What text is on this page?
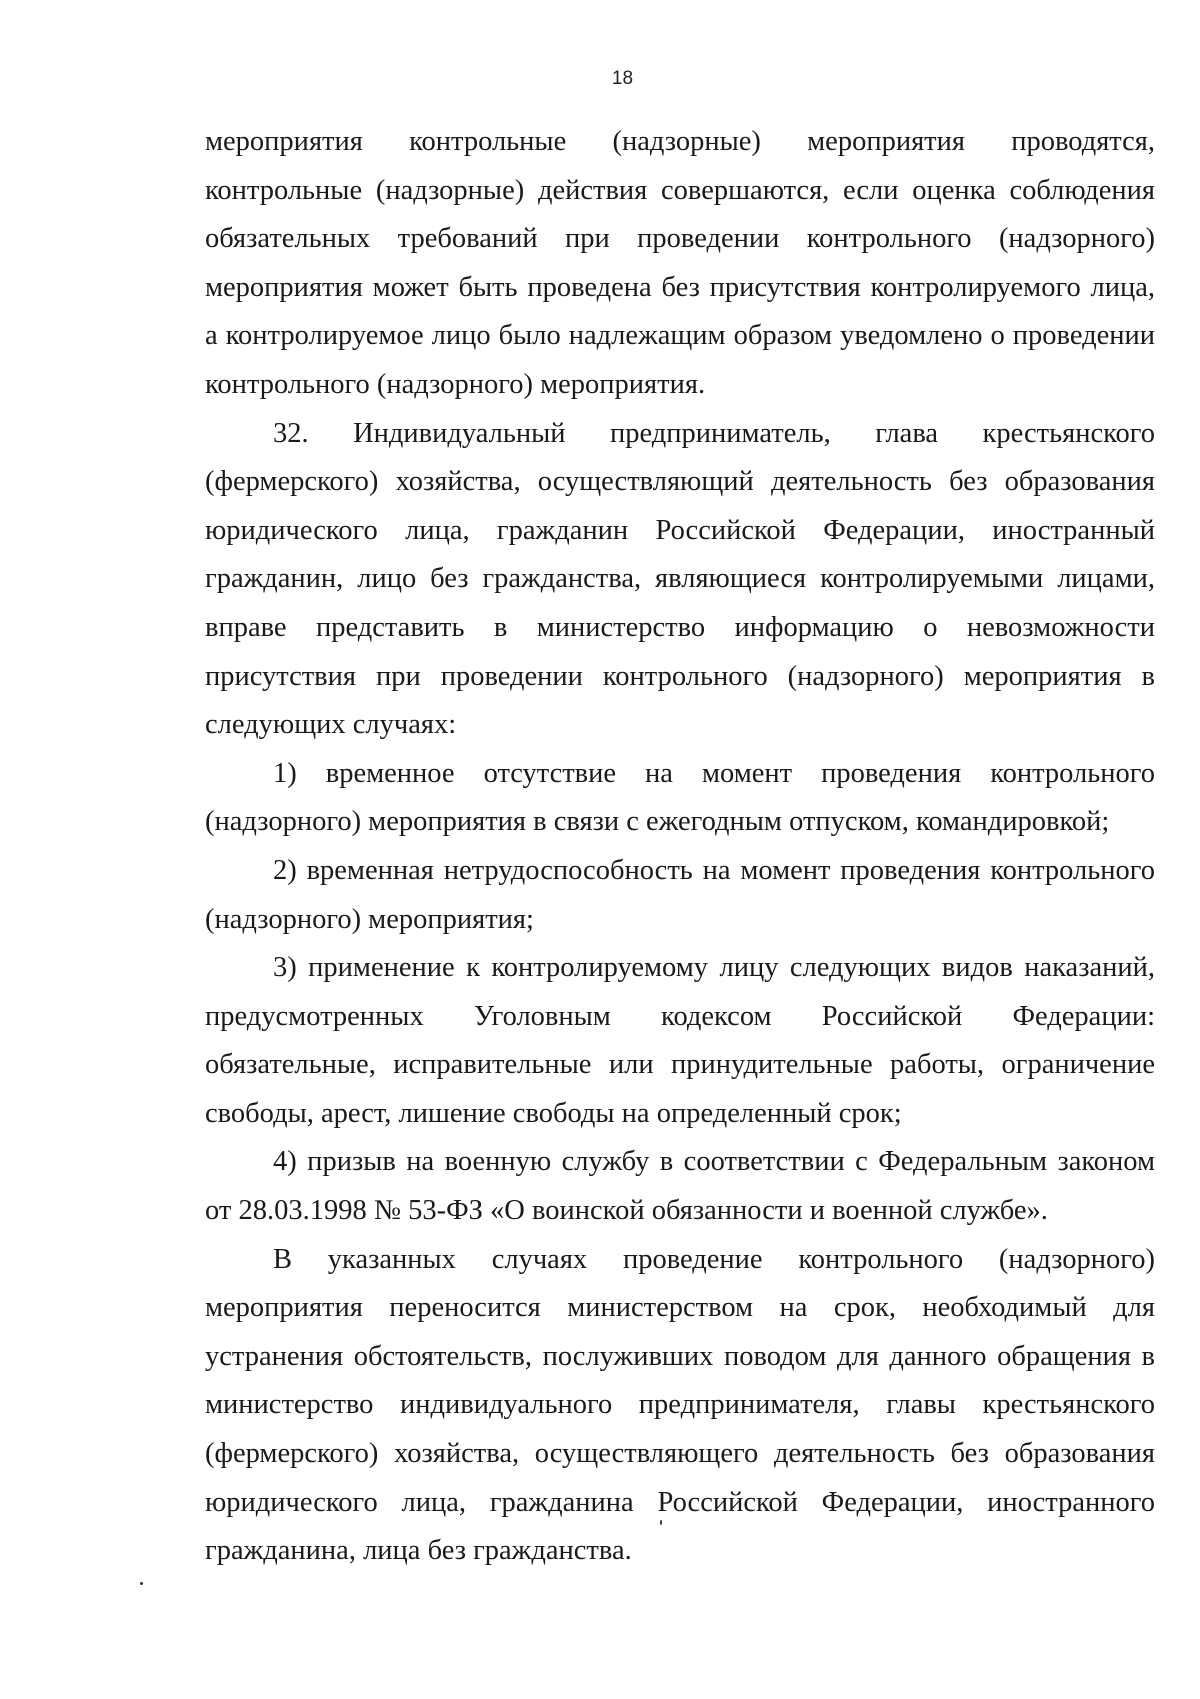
18

мероприятия контрольные (надзорные) мероприятия проводятся, контрольные (надзорные) действия совершаются, если оценка соблюдения обязательных требований при проведении контрольного (надзорного) мероприятия может быть проведена без присутствия контролируемого лица, а контролируемое лицо было надлежащим образом уведомлено о проведении контрольного (надзорного) мероприятия.

32. Индивидуальный предприниматель, глава крестьянского (фермерского) хозяйства, осуществляющий деятельность без образования юридического лица, гражданин Российской Федерации, иностранный гражданин, лицо без гражданства, являющиеся контролируемыми лицами, вправе представить в министерство информацию о невозможности присутствия при проведении контрольного (надзорного) мероприятия в следующих случаях:

1) временное отсутствие на момент проведения контрольного (надзорного) мероприятия в связи с ежегодным отпуском, командировкой;

2) временная нетрудоспособность на момент проведения контрольного (надзорного) мероприятия;

3) применение к контролируемому лицу следующих видов наказаний, предусмотренных Уголовным кодексом Российской Федерации: обязательные, исправительные или принудительные работы, ограничение свободы, арест, лишение свободы на определенный срок;

4) призыв на военную службу в соответствии с Федеральным законом от 28.03.1998 № 53-ФЗ «О воинской обязанности и военной службе».

В указанных случаях проведение контрольного (надзорного) мероприятия переносится министерством на срок, необходимый для устранения обстоятельств, послуживших поводом для данного обращения в министерство индивидуального предпринимателя, главы крестьянского (фермерского) хозяйства, осуществляющего деятельность без образования юридического лица, гражданина Российской Федерации, иностранного гражданина, лица без гражданства.
